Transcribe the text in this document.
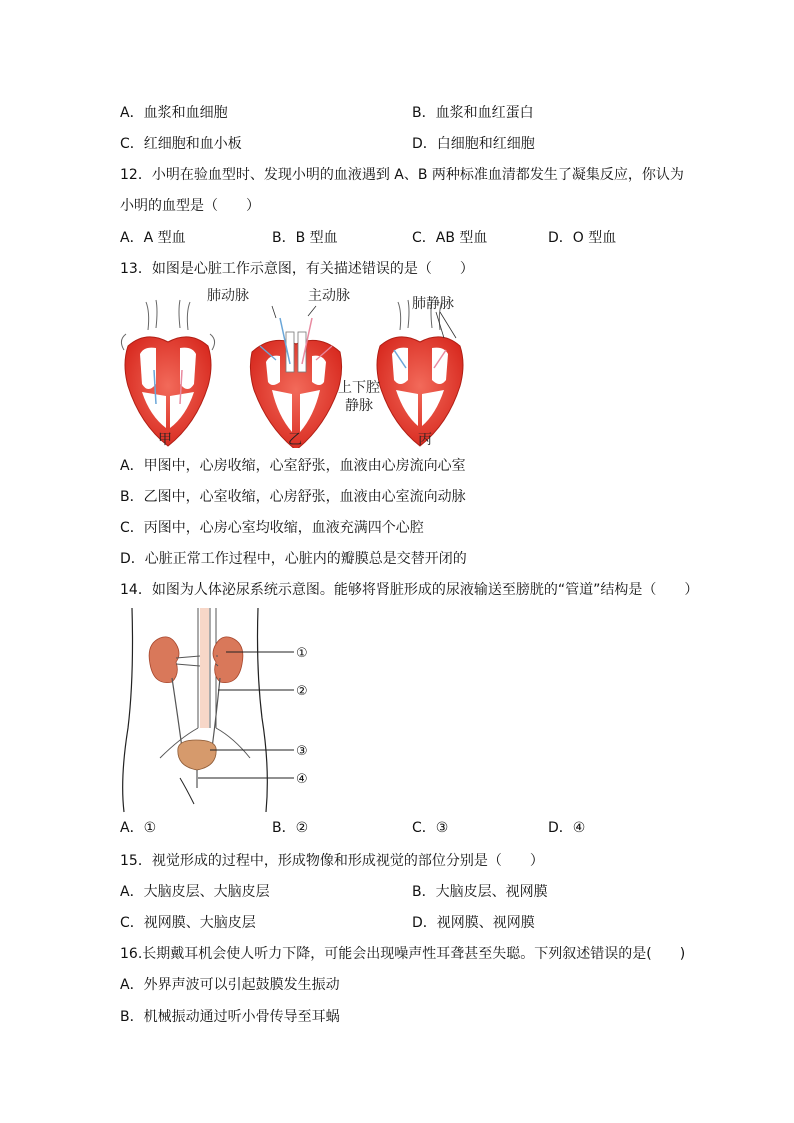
A．血浆和血细胞	B．血浆和血红蛋白
C．红细胞和血小板	D．白细胞和红细胞
12．小明在验血型时、发现小明的血液遇到 A、B 两种标准血清都发生了凝集反应，你认为
小明的血型是（　　）
A．A 型血	B．B 型血	C．AB 型血	D．O 型血
13．如图是心脏工作示意图，有关描述错误的是（　　）
甲
肺动脉	主动脉
乙
肺静脉
上下腔
静脉
丙
A．甲图中，心房收缩，心室舒张，血液由心房流向心室
B．乙图中，心室收缩，心房舒张，血液由心室流向动脉
C．丙图中，心房心室均收缩，血液充满四个心腔
D．心脏正常工作过程中，心脏内的瓣膜总是交替开闭的
14．如图为人体泌尿系统示意图。能够将肾脏形成的尿液输送至膀胱的“管道”结构是（　　）
①
②
③
④
A．①	B．②	C．③	D．④
15．视觉形成的过程中，形成物像和形成视觉的部位分别是（　　）
A．大脑皮层、大脑皮层	B．大脑皮层、视网膜
C．视网膜、大脑皮层	D．视网膜、视网膜
16.长期戴耳机会使人听力下降，可能会出现噪声性耳聋甚至失聪。下列叙述错误的是(　　)
A．外界声波可以引起鼓膜发生振动
B．机械振动通过听小骨传导至耳蜗
